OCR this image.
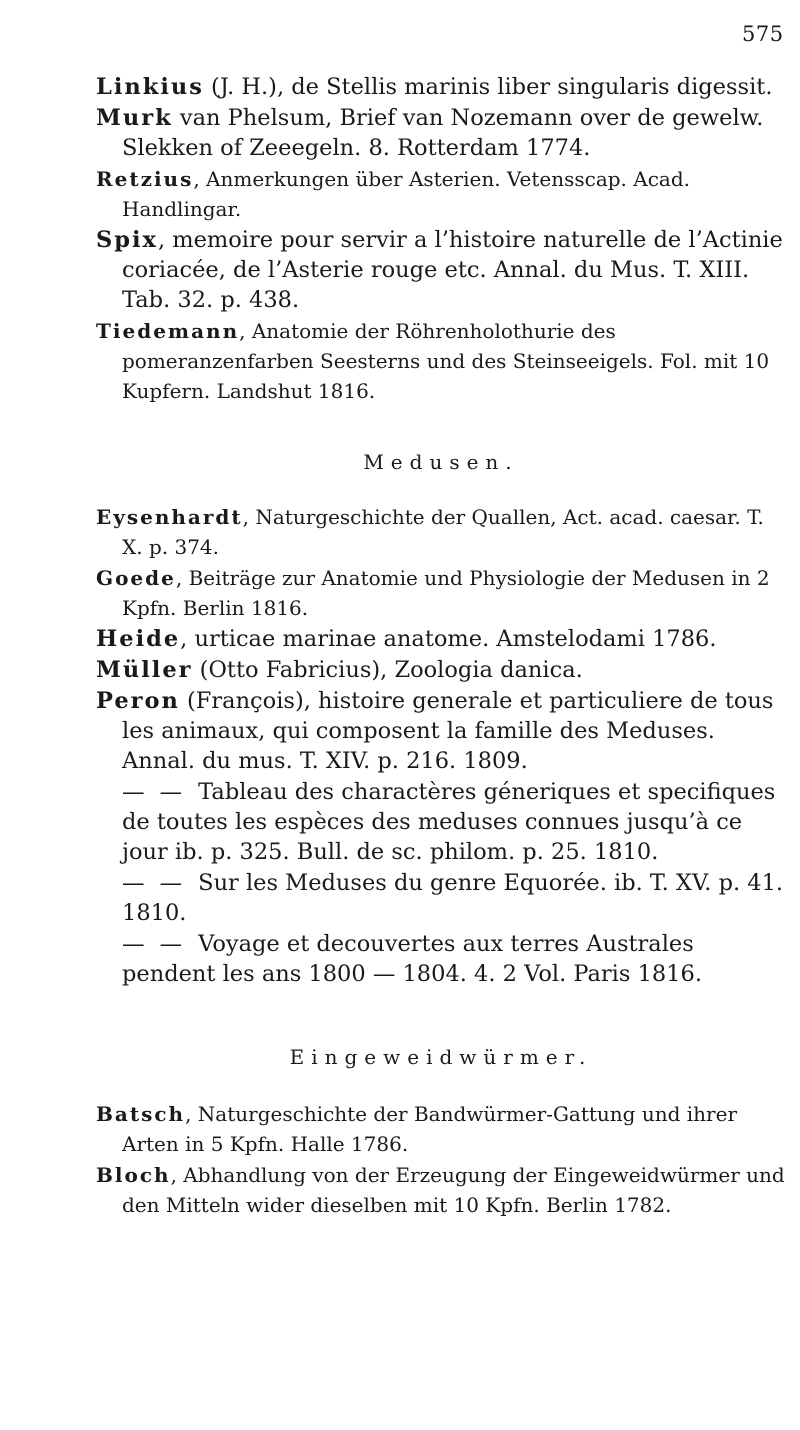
575

Linkius (J. H.), de Stellis marinis liber singularis digessit.

Murk van Phelsum, Brief van Nozemann over de gewelw. Slekken of Zeeegeln. 8. Rotterdam 1774.

Retzius, Anmerkungen über Asterien. Vetensscap. Acad. Handlingar.

Spix, memoire pour servir a l’histoire naturelle de l’Actinie coriacée, de l’Asterie rouge etc. Annal. du Mus. T. XIII. Tab. 32. p. 438.

Tiedemann, Anatomie der Röhrenholothurie des pomeranzenfarben Seesterns und des Steinseeigels. Fol. mit 10 Kupfern. Landshut 1816.

Medusen.

Eysenhardt, Naturgeschichte der Quallen, Act. acad. caesar. T. X. p. 374.

Goede, Beiträge zur Anatomie und Physiologie der Medusen in 2 Kpfn. Berlin 1816.

Heide, urticae marinae anatome. Amstelodami 1786.

Müller (Otto Fabricius), Zoologia danica.

Peron (François), histoire generale et particuliere de tous les animaux, qui composent la famille des Meduses. Annal. du mus. T. XIV. p. 216. 1809.

— — Tableau des charactères géneriques et specifiques de toutes les espèces des meduses connues jusqu’à ce jour ib. p. 325. Bull. de sc. philom. p. 25. 1810.

— — Sur les Meduses du genre Equorée. ib. T. XV. p. 41. 1810.

— — Voyage et decouvertes aux terres Australes pendent les ans 1800 — 1804. 4. 2 Vol. Paris 1816.

Eingeweidwürmer.

Batsch, Naturgeschichte der Bandwürmer-Gattung und ihrer Arten in 5 Kpfn. Halle 1786.

Bloch, Abhandlung von der Erzeugung der Eingeweidwürmer und den Mitteln wider dieselben mit 10 Kpfn. Berlin 1782.
